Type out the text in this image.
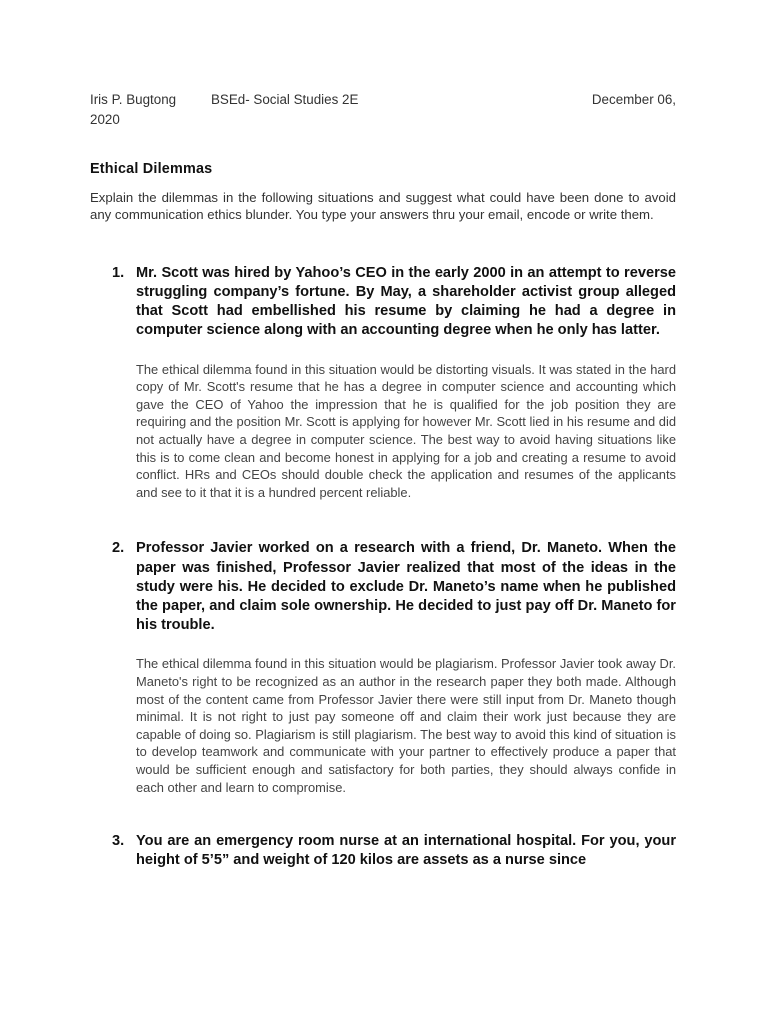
Iris P. Bugtong	BSEd- Social Studies 2E	December 06,
2020
Ethical Dilemmas
Explain the dilemmas in the following situations and suggest what could have been done to avoid any communication ethics blunder. You type your answers thru your email, encode or write them.
1. Mr. Scott was hired by Yahoo’s CEO in the early 2000 in an attempt to reverse struggling company’s fortune. By May, a shareholder activist group alleged that Scott had embellished his resume by claiming he had a degree in computer science along with an accounting degree when he only has latter.
The ethical dilemma found in this situation would be distorting visuals. It was stated in the hard copy of Mr. Scott's resume that he has a degree in computer science and accounting which gave the CEO of Yahoo the impression that he is qualified for the job position they are requiring and the position Mr. Scott is applying for however Mr. Scott lied in his resume and did not actually have a degree in computer science. The best way to avoid having situations like this is to come clean and become honest in applying for a job and creating a resume to avoid conflict. HRs and CEOs should double check the application and resumes of the applicants and see to it that it is a hundred percent reliable.
2. Professor Javier worked on a research with a friend, Dr. Maneto. When the paper was finished, Professor Javier realized that most of the ideas in the study were his. He decided to exclude Dr. Maneto’s name when he published the paper, and claim sole ownership. He decided to just pay off Dr. Maneto for his trouble.
The ethical dilemma found in this situation would be plagiarism. Professor Javier took away Dr. Maneto's right to be recognized as an author in the research paper they both made. Although most of the content came from Professor Javier there were still input from Dr. Maneto though minimal. It is not right to just pay someone off and claim their work just because they are capable of doing so. Plagiarism is still plagiarism. The best way to avoid this kind of situation is to develop teamwork and communicate with your partner to effectively produce a paper that would be sufficient enough and satisfactory for both parties, they should always confide in each other and learn to compromise.
3. You are an emergency room nurse at an international hospital. For you, your height of 5’5” and weight of 120 kilos are assets as a nurse since
